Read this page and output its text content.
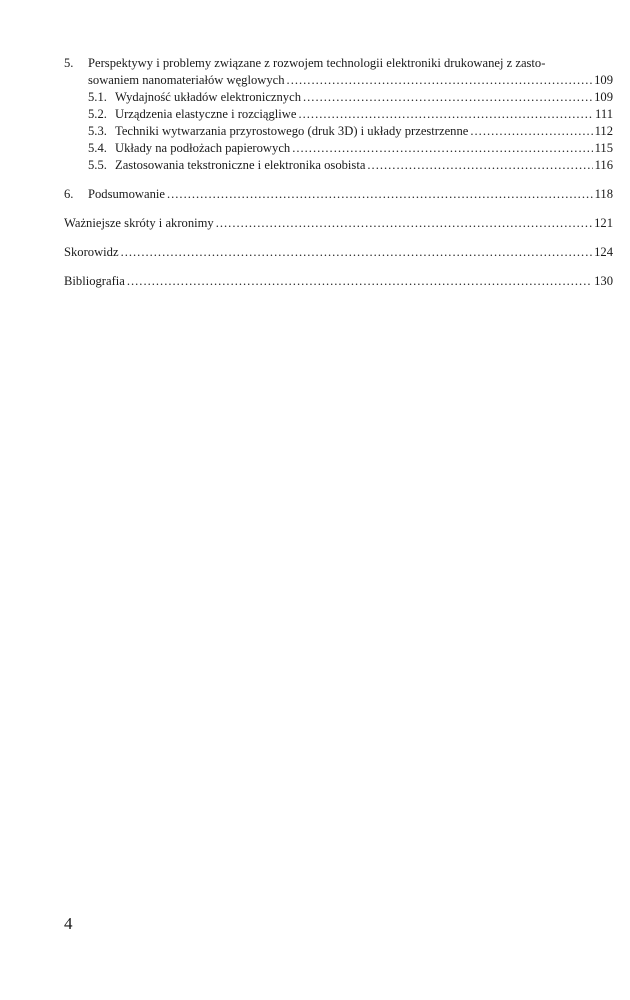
5.	Perspektywy i problemy związane z rozwojem technologii elektroniki drukowanej z zasto-
sowaniem nanomateriałów węglowych .....	109
5.1. Wydajność układów elektronicznych .....	109
5.2. Urządzenia elastyczne i rozciągliwe .....	111
5.3. Techniki wytwarzania przyrostowego (druk 3D) i układy przestrzenne .....	112
5.4. Układy na podłożach papierowych .....	115
5.5. Zastosowania tekstroniczne i elektronika osobista .....	116
6.	Podsumowanie .....	118
Ważniejsze skróty i akronimy .....	121
Skorowidz .....	124
Bibliografia .....	130
4
